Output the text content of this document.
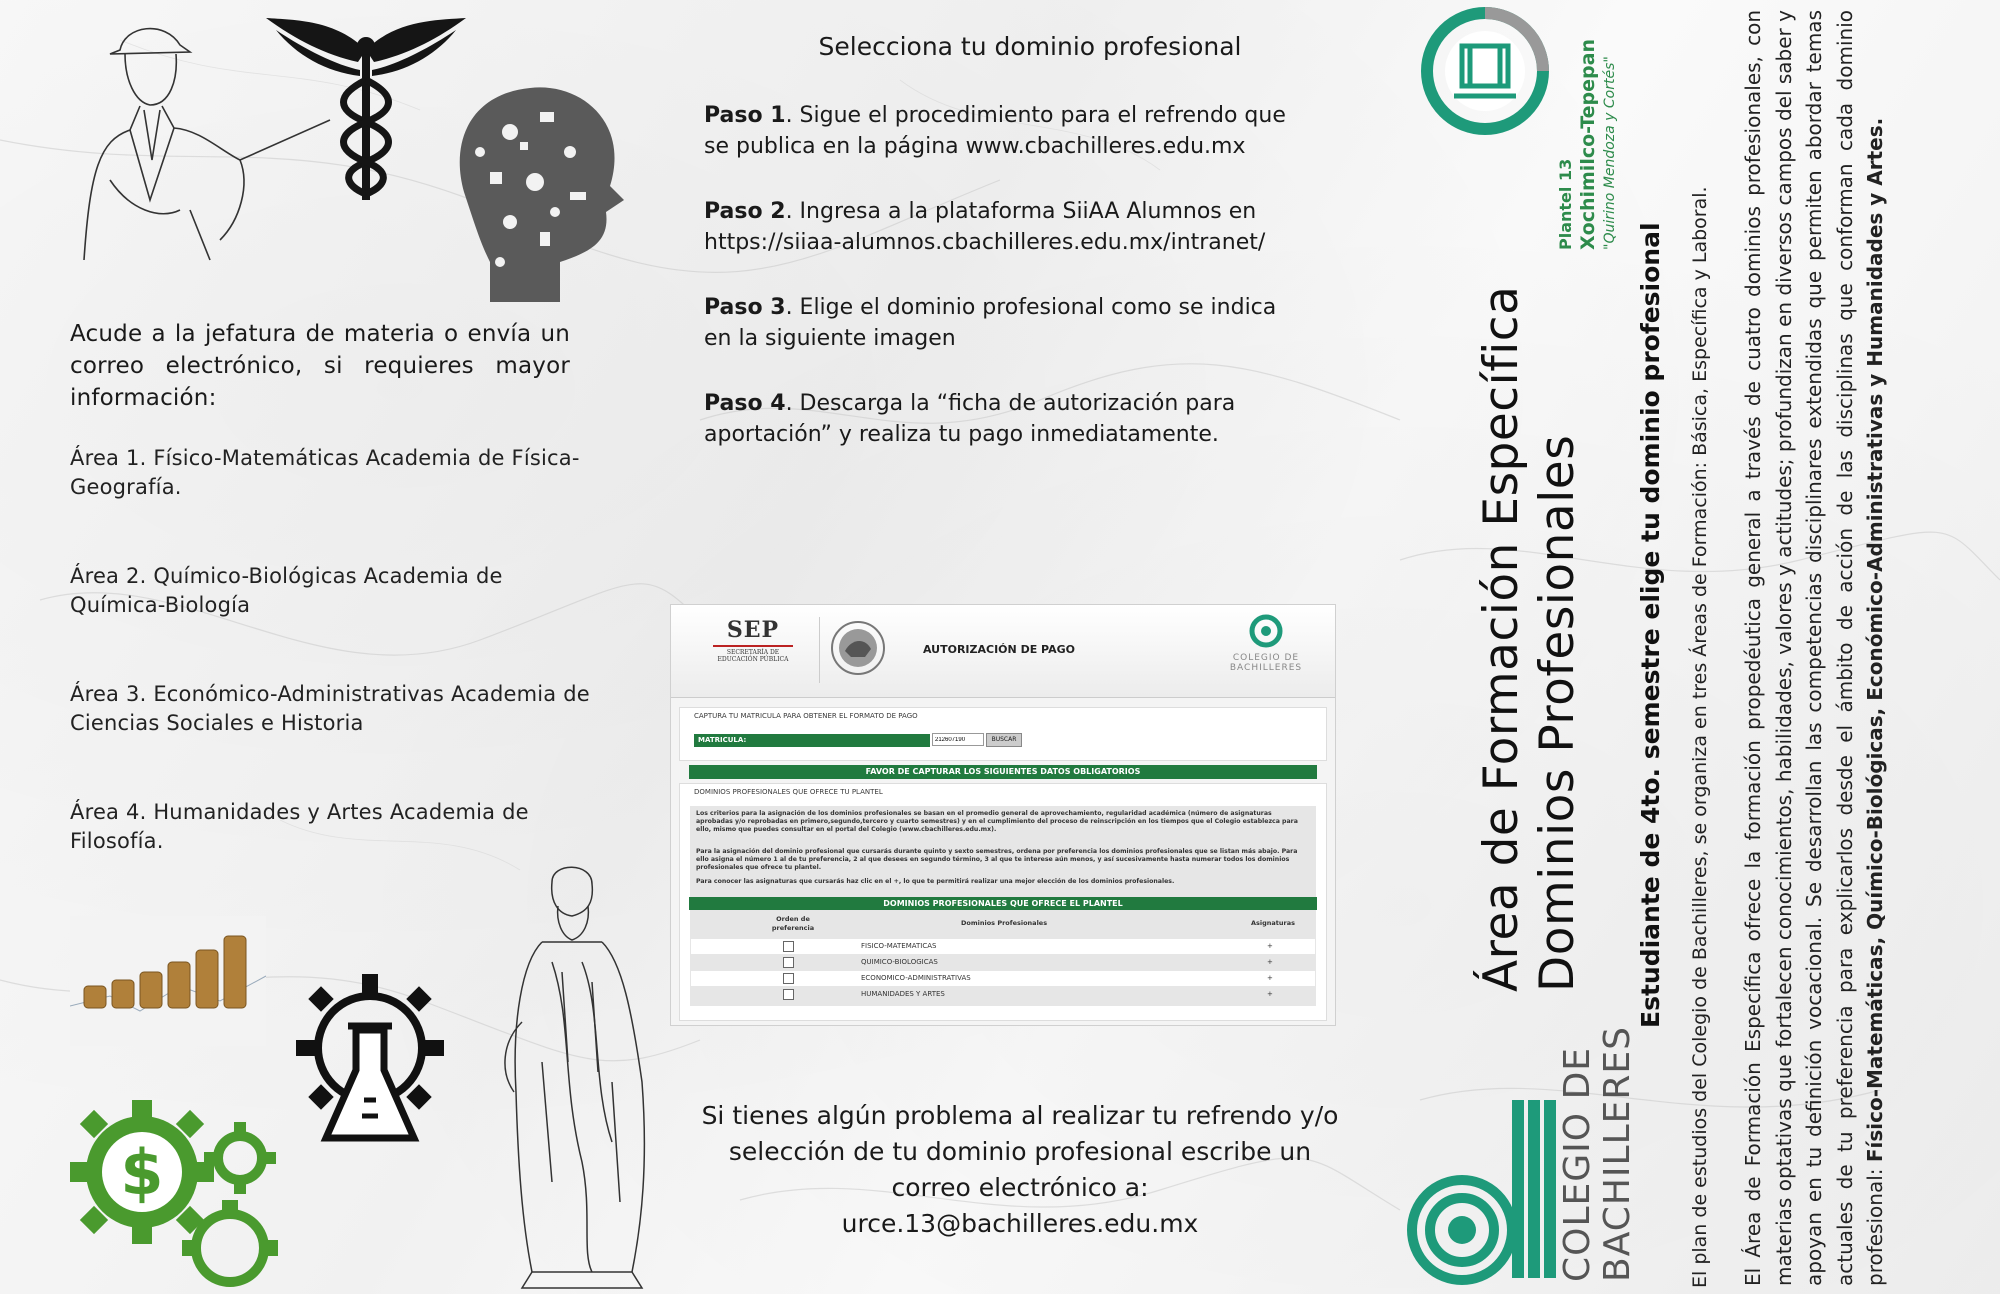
Acude a la jefatura de materia o envía un correo electrónico, si requieres mayor información:
Área 1. Físico-Matemáticas Academia de Física-Geografía.
Área 2. Químico-Biológicas Academia de Química-Biología
Área 3. Económico-Administrativas Academia de Ciencias Sociales e Historia
Área 4. Humanidades y Artes Academia de Filosofía.
$
Selecciona tu dominio profesional
Paso 1. Sigue el procedimiento para el refrendo que se publica en la página www.cbachilleres.edu.mx
Paso 2. Ingresa a la plataforma SiiAA Alumnos en https://siiaa-alumnos.cbachilleres.edu.mx/intranet/
Paso 3. Elige el dominio profesional como se indica en la siguiente imagen
Paso 4. Descarga la “ficha de autorización para aportación” y realiza tu pago inmediatamente.
Si tienes algún problema al realizar tu refrendo y/o selección de tu dominio profesional escribe un correo electrónico a:
urce.13@bachilleres.edu.mx
SEP
SECRETARÍA DE
EDUCACIÓN PÚBLICA
AUTORIZACIÓN DE PAGO
COLEGIO DE
BACHILLERES
CAPTURA TU MATRICULA PARA OBTENER EL FORMATO DE PAGO
MATRICULA:
212607190	BUSCAR
FAVOR DE CAPTURAR LOS SIGUIENTES DATOS OBLIGATORIOS
DOMINIOS PROFESIONALES QUE OFRECE TU PLANTEL
Los criterios para la asignación de los dominios profesionales se basan en el promedio general de aprovechamiento, regularidad académica (número de asignaturas aprobadas y/o reprobadas en primero,segundo,tercero y cuarto semestres) y en el cumplimiento del proceso de reinscripción en los tiempos que el Colegio establezca para ello, mismo que puedes consultar en el portal del Colegio (www.cbachilleres.edu.mx).
Para la asignación del dominio profesional que cursarás durante quinto y sexto semestres, ordena por preferencia los dominios profesionales que se listan más abajo. Para ello asigna el número 1 al de tu preferencia, 2 al que desees en segundo término, 3 al que te interese aún menos, y así sucesivamente hasta numerar todos los dominios profesionales que ofrece tu plantel.
Para conocer las asignaturas que cursarás haz clic en el +, lo que te permitirá realizar una mejor elección de los dominios profesionales.
DOMINIOS PROFESIONALES QUE OFRECE EL PLANTEL
Orden de preferencia
Dominios Profesionales	Asignaturas
FISICO-MATEMATICAS	+
QUIMICO-BIOLOGICAS	+
ECONOMICO-ADMINISTRATIVAS	+
HUMANIDADES Y ARTES	+
Plantel 13 Xochimilco-Tepepan "Quirino Mendoza y Cortés"
Área de Formación Específica Dominios Profesionales Estudiante de 4to. semestre elige tu dominio profesional El plan de estudios del Colegio de Bachilleres, se organiza en tres Áreas de Formación: Básica, Específica y Laboral. El Área de Formación Específica ofrece la formación propedéutica general a través de cuatro dominios profesionales, con materias optativas que fortalecen conocimientos, habilidades, valores y actitudes; profundizan en diversos campos del saber y apoyan en tu definición vocacional. Se desarrollan las competencias disciplinares extendidas que permiten abordar temas actuales de tu preferencia para explicarlos desde el ámbito de acción de las disciplinas que conforman cada dominio profesional: Físico-Matemáticas, Químico-Biológicas, Económico-Administrativas y Humanidades y Artes.
COLEGIO DE BACHILLERES
